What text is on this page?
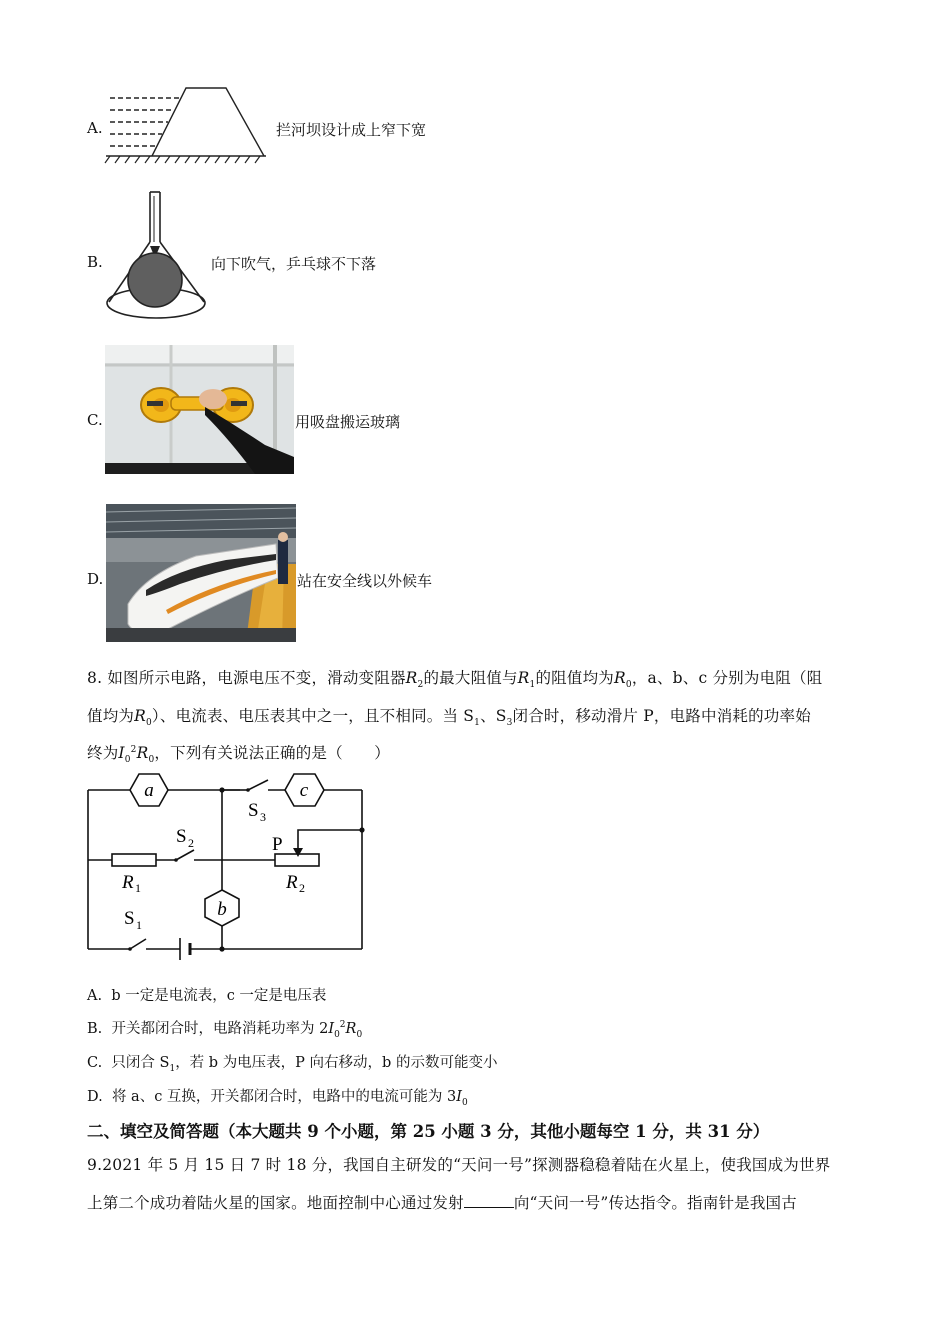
A.	拦河坝设计成上窄下宽
B.	向下吹气，乒乓球不下落
C.	用吸盘搬运玻璃
D.	站在安全线以外候车
8. 如图所示电路，电源电压不变，滑动变阻器$R_2$的最大阻值与$R_1$的阻值均为$R_0$，a、b、c 分别为电阻（阻
值均为$R_0$）、电流表、电压表其中之一，且不相同。当 $S_1$、$S_3$闭合时，移动滑片 P，电路中消耗的功率始
终为$I_0^2R_0$，下列有关说法正确的是（　　）
a	c
b
S 3
S 2
S 1
R 1	R 2
P
A. b 一定是电流表，c 一定是电压表
B. 开关都闭合时，电路消耗功率为 $2I_0^2R_0$
C. 只闭合 $S_1$，若 b 为电压表，P 向右移动，b 的示数可能变小
D. 将 a、c 互换，开关都闭合时，电路中的电流可能为 $3I_0$
二、填空及简答题（本大题共 9 个小题，第 25 小题 3 分，其他小题每空 1 分，共 31 分）
9.2021 年 5 月 15 日 7 时 18 分，我国自主研发的“天问一号”探测器稳稳着陆在火星上，使我国成为世界
上第二个成功着陆火星的国家。地面控制中心通过发射	向“天问一号”传达指令。指南针是我国古
